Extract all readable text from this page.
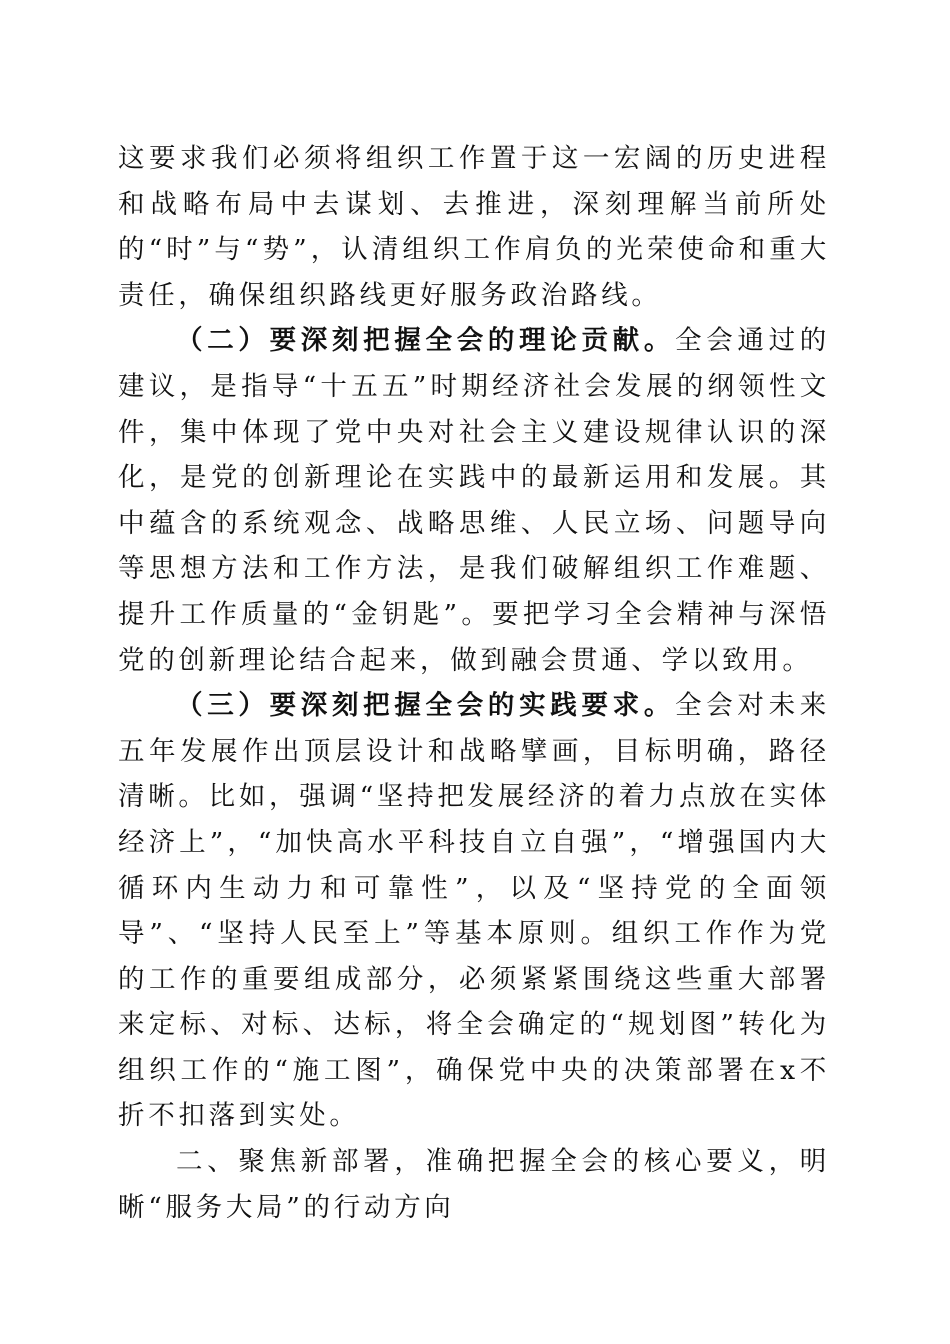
这要求我们必须将组织工作置于这一宏阔的历史进程和战略布局中去谋划、去推进，深刻理解当前所处的“时”与“势”，认清组织工作肩负的光荣使命和重大责任，确保组织路线更好服务政治路线。

（二）要深刻把握全会的理论贡献。全会通过的建议，是指导“十五五”时期经济社会发展的纲领性文件，集中体现了党中央对社会主义建设规律认识的深化，是党的创新理论在实践中的最新运用和发展。其中蕴含的系统观念、战略思维、人民立场、问题导向等思想方法和工作方法，是我们破解组织工作难题、提升工作质量的“金钥匙”。要把学习全会精神与深悟党的创新理论结合起来，做到融会贯通、学以致用。

（三）要深刻把握全会的实践要求。全会对未来五年发展作出顶层设计和战略擘画，目标明确，路径清晰。比如，强调“坚持把发展经济的着力点放在实体经济上”，“加快高水平科技自立自强”，“增强国内大循环内生动力和可靠性”，以及“坚持党的全面领导”、“坚持人民至上”等基本原则。组织工作作为党的工作的重要组成部分，必须紧紧围绕这些重大部署来定标、对标、达标，将全会确定的“规划图”转化为组织工作的“施工图”，确保党中央的决策部署在x不折不扣落到实处。

二、聚焦新部署，准确把握全会的核心要义，明晰“服务大局”的行动方向
